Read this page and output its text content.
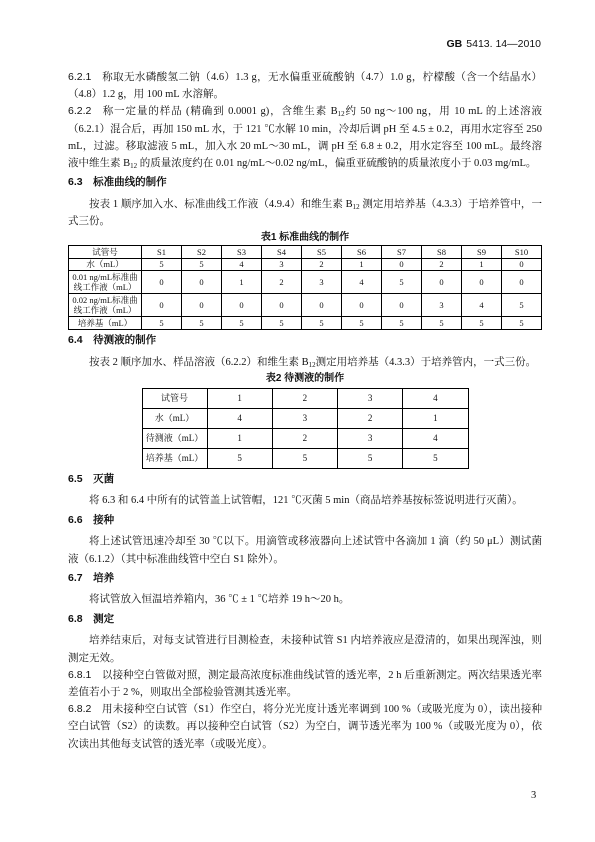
GB 5413. 14—2010

6.2.1 称取无水磷酸氢二钠（4.6）1.3 g，无水偏重亚硫酸钠（4.7）1.0 g，柠檬酸（含一个结晶水）（4.8）1.2 g，用 100 mL 水溶解。

6.2.2 称一定量的样品 (精确到 0.0001 g)，含维生素 $B_{12}$约 50 ng～100 ng，用 10 mL 的上述溶液（6.2.1）混合后，再加 150 mL 水，于 121 ℃水解 10 min，冷却后调 pH 至 4.5 ± 0.2，再用水定容至 250 mL，过滤。移取滤液 5 mL，加入水 20 mL～30 mL，调 pH 至 6.8 ± 0.2，用水定容至 100 mL。最终溶液中维生素 $B_{12}$ 的质量浓度约在 0.01 ng/mL～0.02 ng/mL，偏重亚硫酸钠的质量浓度小于 0.03 mg/mL。

6.3 标准曲线的制作

按表 1 顺序加入水、标准曲线工作液（4.9.4）和维生素 $B_{12}$ 测定用培养基（4.3.3）于培养管中，一式三份。

表1 标准曲线的制作
试管号	S1	S2	S3	S4	S5	S6	S7	S8	S9	S10
水（mL）	5	5	4	3	2	1	0	2	1	0
0.01 ng/mL标准曲线工作液（mL）	0	0	1	2	3	4	5	0	0	0
0.02 ng/mL标准曲线工作液（mL）	0	0	0	0	0	0	0	3	4	5
培养基（mL）	5	5	5	5	5	5	5	5	5	5
6.4 待测液的制作

按表 2 顺序加水、样品溶液（6.2.2）和维生素 $B_{12}$测定用培养基（4.3.3）于培养管内，一式三份。

表2 待测液的制作
试管号	1	2	3	4
水（mL）	4	3	2	1
待测液（mL）	1	2	3	4
培养基（mL）	5	5	5	5
6.5 灭菌

将 6.3 和 6.4 中所有的试管盖上试管帽，121 ℃灭菌 5 min（商品培养基按标签说明进行灭菌）。

6.6 接种

将上述试管迅速冷却至 30 ℃以下。用滴管或移液器向上述试管中各滴加 1 滴（约 50 μL）测试菌液（6.1.2）（其中标准曲线管中空白 S1 除外）。

6.7 培养

将试管放入恒温培养箱内，36 ℃ ± 1 ℃培养 19 h～20 h。

6.8 测定

培养结束后，对每支试管进行目测检查，未接种试管 S1 内培养液应是澄清的，如果出现浑浊，则测定无效。

6.8.1 以接种空白管做对照，测定最高浓度标准曲线试管的透光率，2 h 后重新测定。两次结果透光率差值若小于 2 %，则取出全部检验管测其透光率。

6.8.2 用未接种空白试管（S1）作空白，将分光光度计透光率调到 100 %（或吸光度为 0），读出接种空白试管（S2）的读数。再以接种空白试管（S2）为空白，调节透光率为 100 %（或吸光度为 0），依次读出其他每支试管的透光率（或吸光度）。

3
